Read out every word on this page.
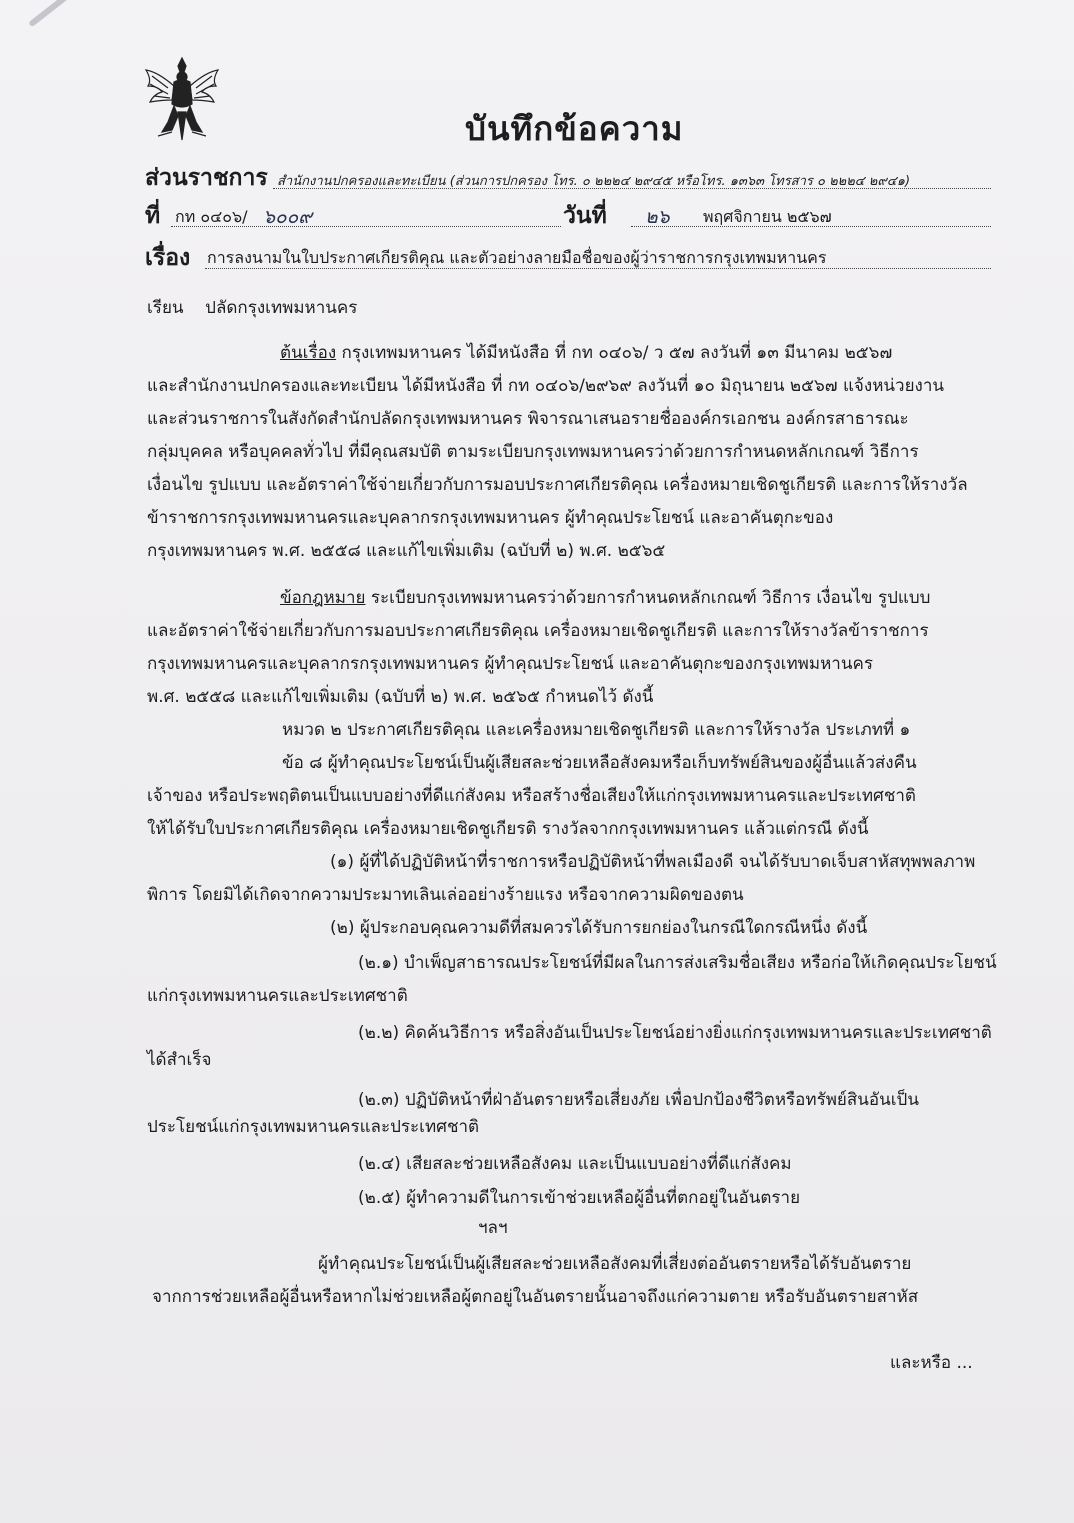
บันทึกข้อความ
ส่วนราชการ สำนักงานปกครองและทะเบียน (ส่วนการปกครอง โทร. ๐ ๒๒๒๔ ๒๙๔๕ หรือโทร. ๑๓๖๓ โทรสาร ๐ ๒๒๒๔ ๒๙๔๑)
ที่ กท ๐๔๐๖/ ๖๐๐๙	วันที่ ๒๖ พฤศจิกายน ๒๕๖๗
เรื่อง การลงนามในใบประกาศเกียรติคุณ และตัวอย่างลายมือชื่อของผู้ว่าราชการกรุงเทพมหานคร
เรียน ปลัดกรุงเทพมหานคร
ต้นเรื่อง กรุงเทพมหานคร ได้มีหนังสือ ที่ กท ๐๔๐๖/ ว ๕๗ ลงวันที่ ๑๓ มีนาคม ๒๕๖๗
และสำนักงานปกครองและทะเบียน ได้มีหนังสือ ที่ กท ๐๔๐๖/๒๙๖๙ ลงวันที่ ๑๐ มิถุนายน ๒๕๖๗ แจ้งหน่วยงาน
และส่วนราชการในสังกัดสำนักปลัดกรุงเทพมหานคร พิจารณาเสนอรายชื่อองค์กรเอกชน องค์กรสาธารณะ
กลุ่มบุคคล หรือบุคคลทั่วไป ที่มีคุณสมบัติ ตามระเบียบกรุงเทพมหานครว่าด้วยการกำหนดหลักเกณฑ์ วิธีการ
เงื่อนไข รูปแบบ และอัตราค่าใช้จ่ายเกี่ยวกับการมอบประกาศเกียรติคุณ เครื่องหมายเชิดชูเกียรติ และการให้รางวัล
ข้าราชการกรุงเทพมหานครและบุคลากรกรุงเทพมหานคร ผู้ทำคุณประโยชน์ และอาคันตุกะของ
กรุงเทพมหานคร พ.ศ. ๒๕๕๘ และแก้ไขเพิ่มเติม (ฉบับที่ ๒) พ.ศ. ๒๕๖๕
ข้อกฎหมาย ระเบียบกรุงเทพมหานครว่าด้วยการกำหนดหลักเกณฑ์ วิธีการ เงื่อนไข รูปแบบ
และอัตราค่าใช้จ่ายเกี่ยวกับการมอบประกาศเกียรติคุณ เครื่องหมายเชิดชูเกียรติ และการให้รางวัลข้าราชการ
กรุงเทพมหานครและบุคลากรกรุงเทพมหานคร ผู้ทำคุณประโยชน์ และอาคันตุกะของกรุงเทพมหานคร
พ.ศ. ๒๕๕๘ และแก้ไขเพิ่มเติม (ฉบับที่ ๒) พ.ศ. ๒๕๖๕ กำหนดไว้ ดังนี้
หมวด ๒ ประกาศเกียรติคุณ และเครื่องหมายเชิดชูเกียรติ และการให้รางวัล ประเภทที่ ๑
ข้อ ๘ ผู้ทำคุณประโยชน์เป็นผู้เสียสละช่วยเหลือสังคมหรือเก็บทรัพย์สินของผู้อื่นแล้วส่งคืน
เจ้าของ หรือประพฤติตนเป็นแบบอย่างที่ดีแก่สังคม หรือสร้างชื่อเสียงให้แก่กรุงเทพมหานครและประเทศชาติ
ให้ได้รับใบประกาศเกียรติคุณ เครื่องหมายเชิดชูเกียรติ รางวัลจากกรุงเทพมหานคร แล้วแต่กรณี ดังนี้
(๑) ผู้ที่ได้ปฏิบัติหน้าที่ราชการหรือปฏิบัติหน้าที่พลเมืองดี จนได้รับบาดเจ็บสาหัสทุพพลภาพ
พิการ โดยมิได้เกิดจากความประมาทเลินเล่ออย่างร้ายแรง หรือจากความผิดของตน
(๒) ผู้ประกอบคุณความดีที่สมควรได้รับการยกย่องในกรณีใดกรณีหนึ่ง ดังนี้
(๒.๑) บำเพ็ญสาธารณประโยชน์ที่มีผลในการส่งเสริมชื่อเสียง หรือก่อให้เกิดคุณประโยชน์
แก่กรุงเทพมหานครและประเทศชาติ
(๒.๒) คิดค้นวิธีการ หรือสิ่งอันเป็นประโยชน์อย่างยิ่งแก่กรุงเทพมหานครและประเทศชาติ
ได้สำเร็จ
(๒.๓) ปฏิบัติหน้าที่ฝ่าอันตรายหรือเสี่ยงภัย เพื่อปกป้องชีวิตหรือทรัพย์สินอันเป็น
ประโยชน์แก่กรุงเทพมหานครและประเทศชาติ
(๒.๔) เสียสละช่วยเหลือสังคม และเป็นแบบอย่างที่ดีแก่สังคม
(๒.๕) ผู้ทำความดีในการเข้าช่วยเหลือผู้อื่นที่ตกอยู่ในอันตราย
ฯลฯ
ผู้ทำคุณประโยชน์เป็นผู้เสียสละช่วยเหลือสังคมที่เสี่ยงต่ออันตรายหรือได้รับอันตราย
จากการช่วยเหลือผู้อื่นหรือหากไม่ช่วยเหลือผู้ตกอยู่ในอันตรายนั้นอาจถึงแก่ความตาย หรือรับอันตรายสาหัส
และหรือ ...
